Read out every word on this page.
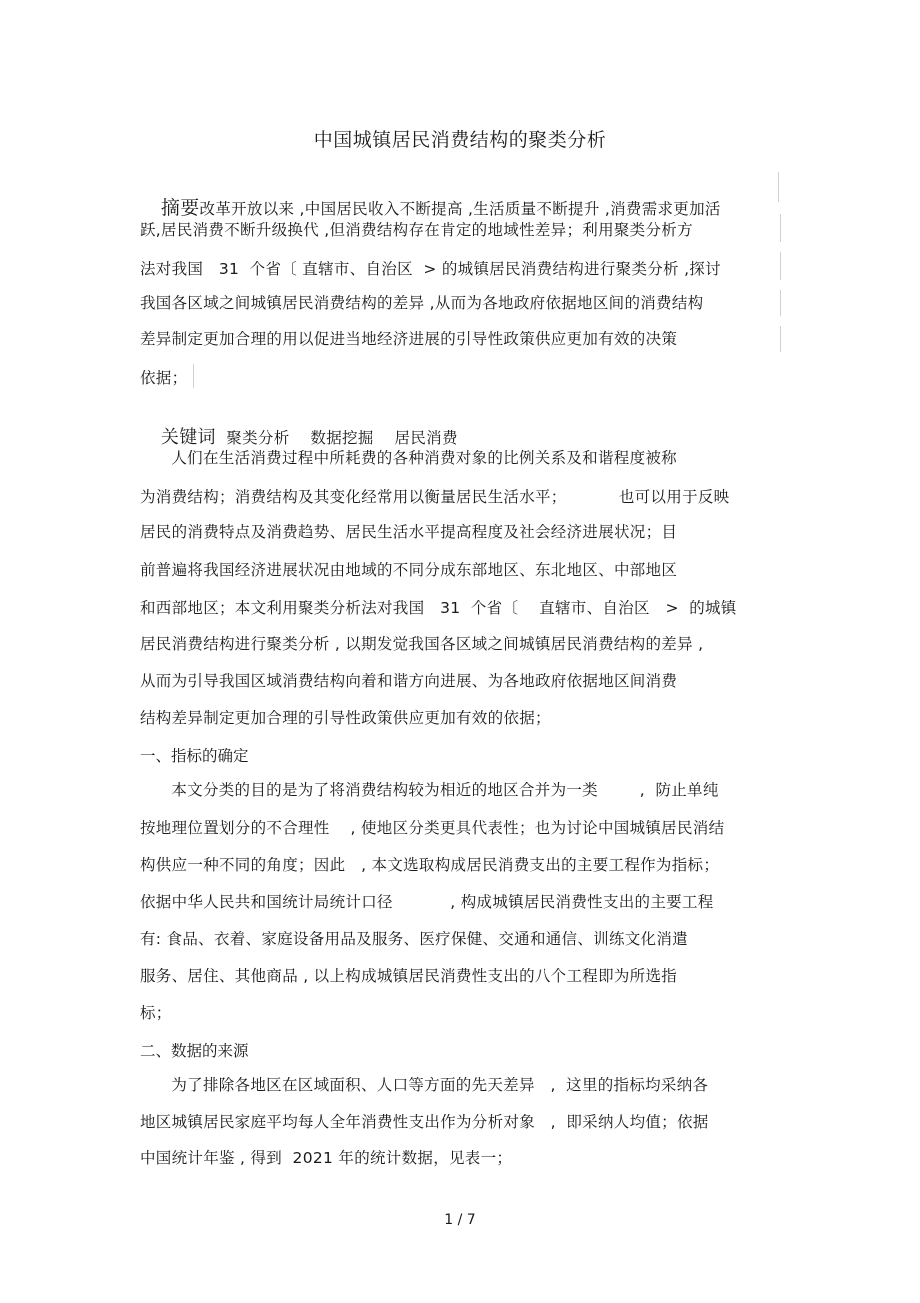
中国城镇居民消费结构的聚类分析

摘要改革开放以来 ,中国居民收入不断提高 ,生活质量不断提升 ,消费需求更加活

跃,居民消费不断升级换代 ,但消费结构存在肯定的地域性差异；利用聚类分析方
法对我国   31  个省〔 直辖市、自治区  > 的城镇居民消费结构进行聚类分析 ,探讨
我国各区域之间城镇居民消费结构的差异 ,从而为各地政府依据地区间的消费结构
差异制定更加合理的用以促进当地经济进展的引导性政策供应更加有效的决策
依据；

关键词 聚类分析 数据挖掘 居民消费

人们在生活消费过程中所耗费的各种消费对象的比例关系及和谐程度被称
为消费结构；消费结构及其变化经常用以衡量居民生活水平；          也可以用于反映
居民的消费特点及消费趋势、居民生活水平提高程度及社会经济进展状况；目
前普遍将我国经济进展状况由地域的不同分成东部地区、东北地区、中部地区
和西部地区；本文利用聚类分析法对我国   31  个省〔    直辖市、自治区   >  的城镇
居民消费结构进行聚类分析 , 以期发觉我国各区域之间城镇居民消费结构的差异 ,
从而为引导我国区域消费结构向着和谐方向进展、为各地政府依据地区间消费
结构差异制定更加合理的引导性政策供应更加有效的依据；
一、指标的确定
本文分类的目的是为了将消费结构较为相近的地区合并为一类        ,  防止单纯
按地理位置划分的不合理性    , 使地区分类更具代表性；也为讨论中国城镇居民消结
构供应一种不同的角度；因此   , 本文选取构成居民消费支出的主要工程作为指标；
依据中华人民共和国统计局统计口径           , 构成城镇居民消费性支出的主要工程
有: 食品、衣着、家庭设备用品及服务、医疗保健、交通和通信、训练文化消遣
服务、居住、其他商品 , 以上构成城镇居民消费性支出的八个工程即为所选指
标；
二、数据的来源
为了排除各地区在区域面积、人口等方面的先天差异   ,  这里的指标均采纳各
地区城镇居民家庭平均每人全年消费性支出作为分析对象   ,  即采纳人均值；依据
中国统计年鉴 , 得到  2021 年的统计数据，见表一；
1 / 7
